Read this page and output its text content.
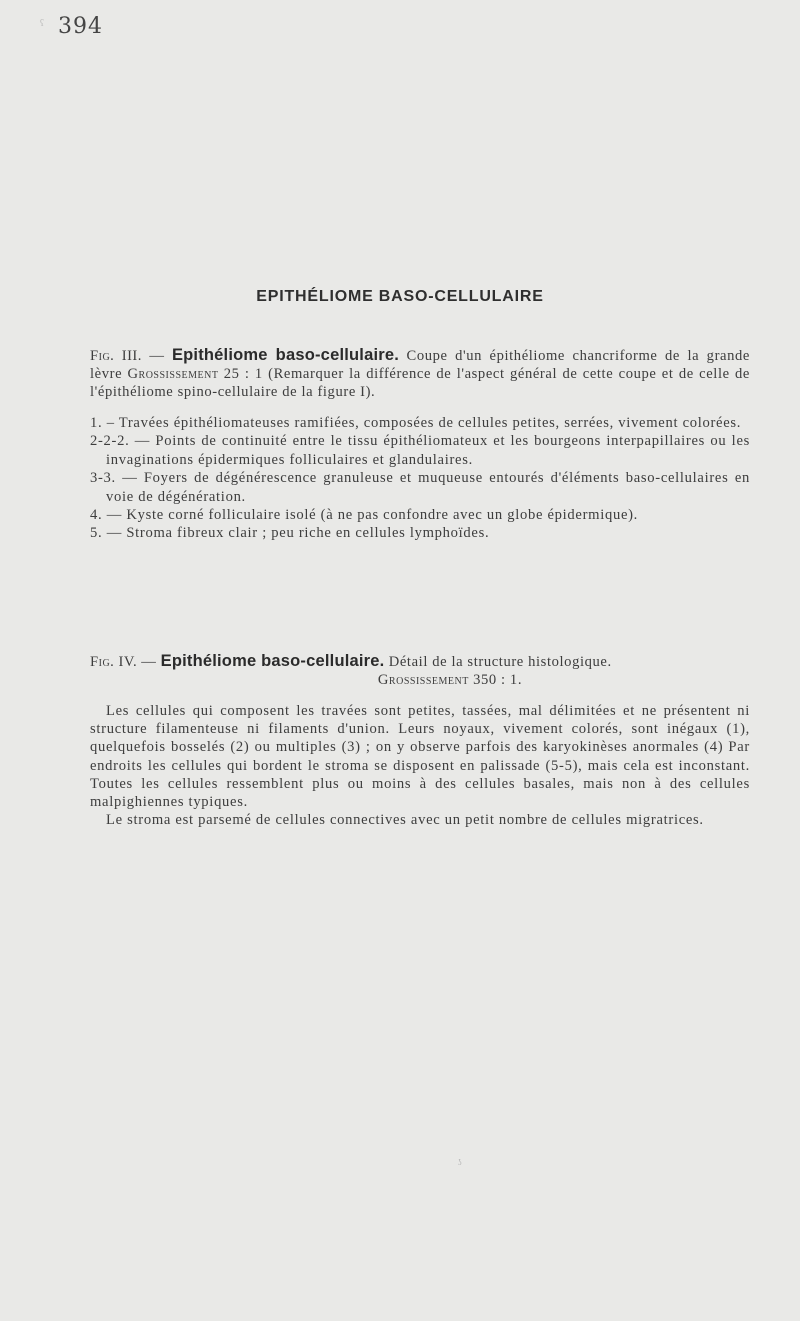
ʕ 394
EPITHÉLIOME BASO-CELLULAIRE
Fig. III. — Epithéliome baso-cellulaire. Coupe d'un épithéliome chancriforme de la grande lèvre Grossissement 25 : 1 (Remarquer la différence de l'aspect général de cette coupe et de celle de l'épithéliome spino-cellulaire de la figure I).
1. – Travées épithéliomateuses ramifiées, composées de cellules petites, serrées, vivement colorées.
2-2-2. — Points de continuité entre le tissu épithéliomateux et les bourgeons interpapillaires ou les invaginations épidermiques folliculaires et glandulaires.
3-3. — Foyers de dégénérescence granuleuse et muqueuse entourés d'éléments baso-cellulaires en voie de dégénération.
4. — Kyste corné folliculaire isolé (à ne pas confondre avec un globe épidermique).
5. — Stroma fibreux clair ; peu riche en cellules lymphoïdes.
Fig. IV. — Epithéliome baso-cellulaire. Détail de la structure histologique.
Grossissement 350 : 1.

Les cellules qui composent les travées sont petites, tassées, mal délimitées et ne présentent ni structure filamenteuse ni filaments d'union. Leurs noyaux, vivement colorés, sont inégaux (1), quelquefois bosselés (2) ou multiples (3) ; on y observe parfois des karyokinèses anormales (4) Par endroits les cellules qui bordent le stroma se disposent en palissade (5-5), mais cela est inconstant. Toutes les cellules ressemblent plus ou moins à des cellules basales, mais non à des cellules malpighiennes typiques.

Le stroma est parsemé de cellules connectives avec un petit nombre de cellules migratrices.

ʖ
